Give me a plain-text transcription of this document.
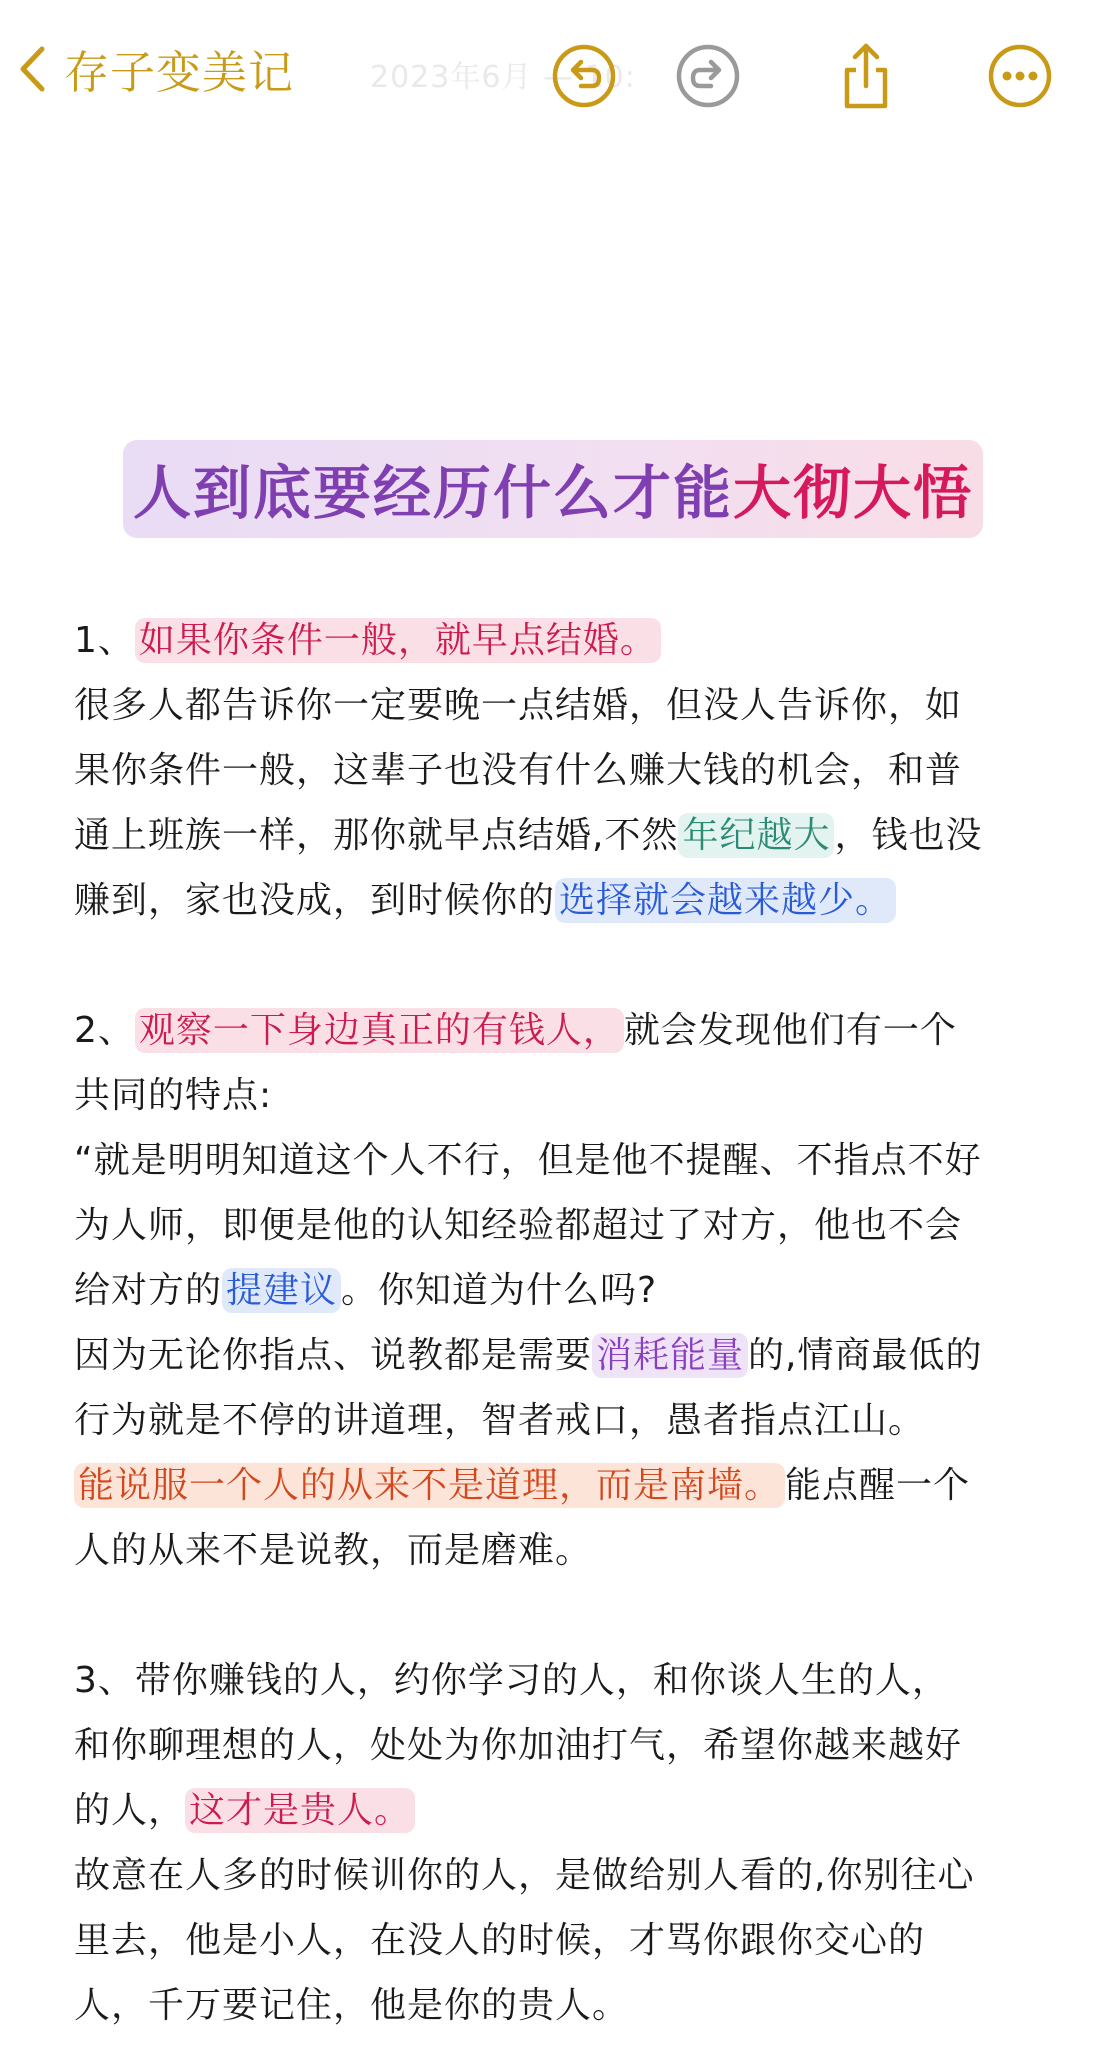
存子变美记	2023年6月 — 10:
人到底要经历什么才能大彻大悟
1、 如果你条件一般，就早点结婚。
很多人都告诉你一定要晚一点结婚，但没人告诉你，如
果你条件一般，这辈子也没有什么赚大钱的机会，和普
通上班族一样，那你就早点结婚,不然 年纪越大 ，钱也没
赚到，家也没成，到时候你的 选择就会越来越少。
2、 观察一下身边真正的有钱人， 就会发现他们有一个
共同的特点:
“就是明明知道这个人不行，但是他不提醒、不指点不好
为人师，即便是他的认知经验都超过了对方，他也不会
给对方的 提建议 。你知道为什么吗?
因为无论你指点、说教都是需要 消耗能量 的,情商最低的
行为就是不停的讲道理，智者戒口，愚者指点江山。
能说服一个人的从来不是道理，而是南墙。 能点醒一个
人的从来不是说教，而是磨难。
3、带你赚钱的人，约你学习的人，和你谈人生的人，
和你聊理想的人，处处为你加油打气，希望你越来越好
的人， 这才是贵人。
故意在人多的时候训你的人，是做给别人看的,你别往心
里去，他是小人，在没人的时候，才骂你跟你交心的
人，千万要记住，他是你的贵人。
